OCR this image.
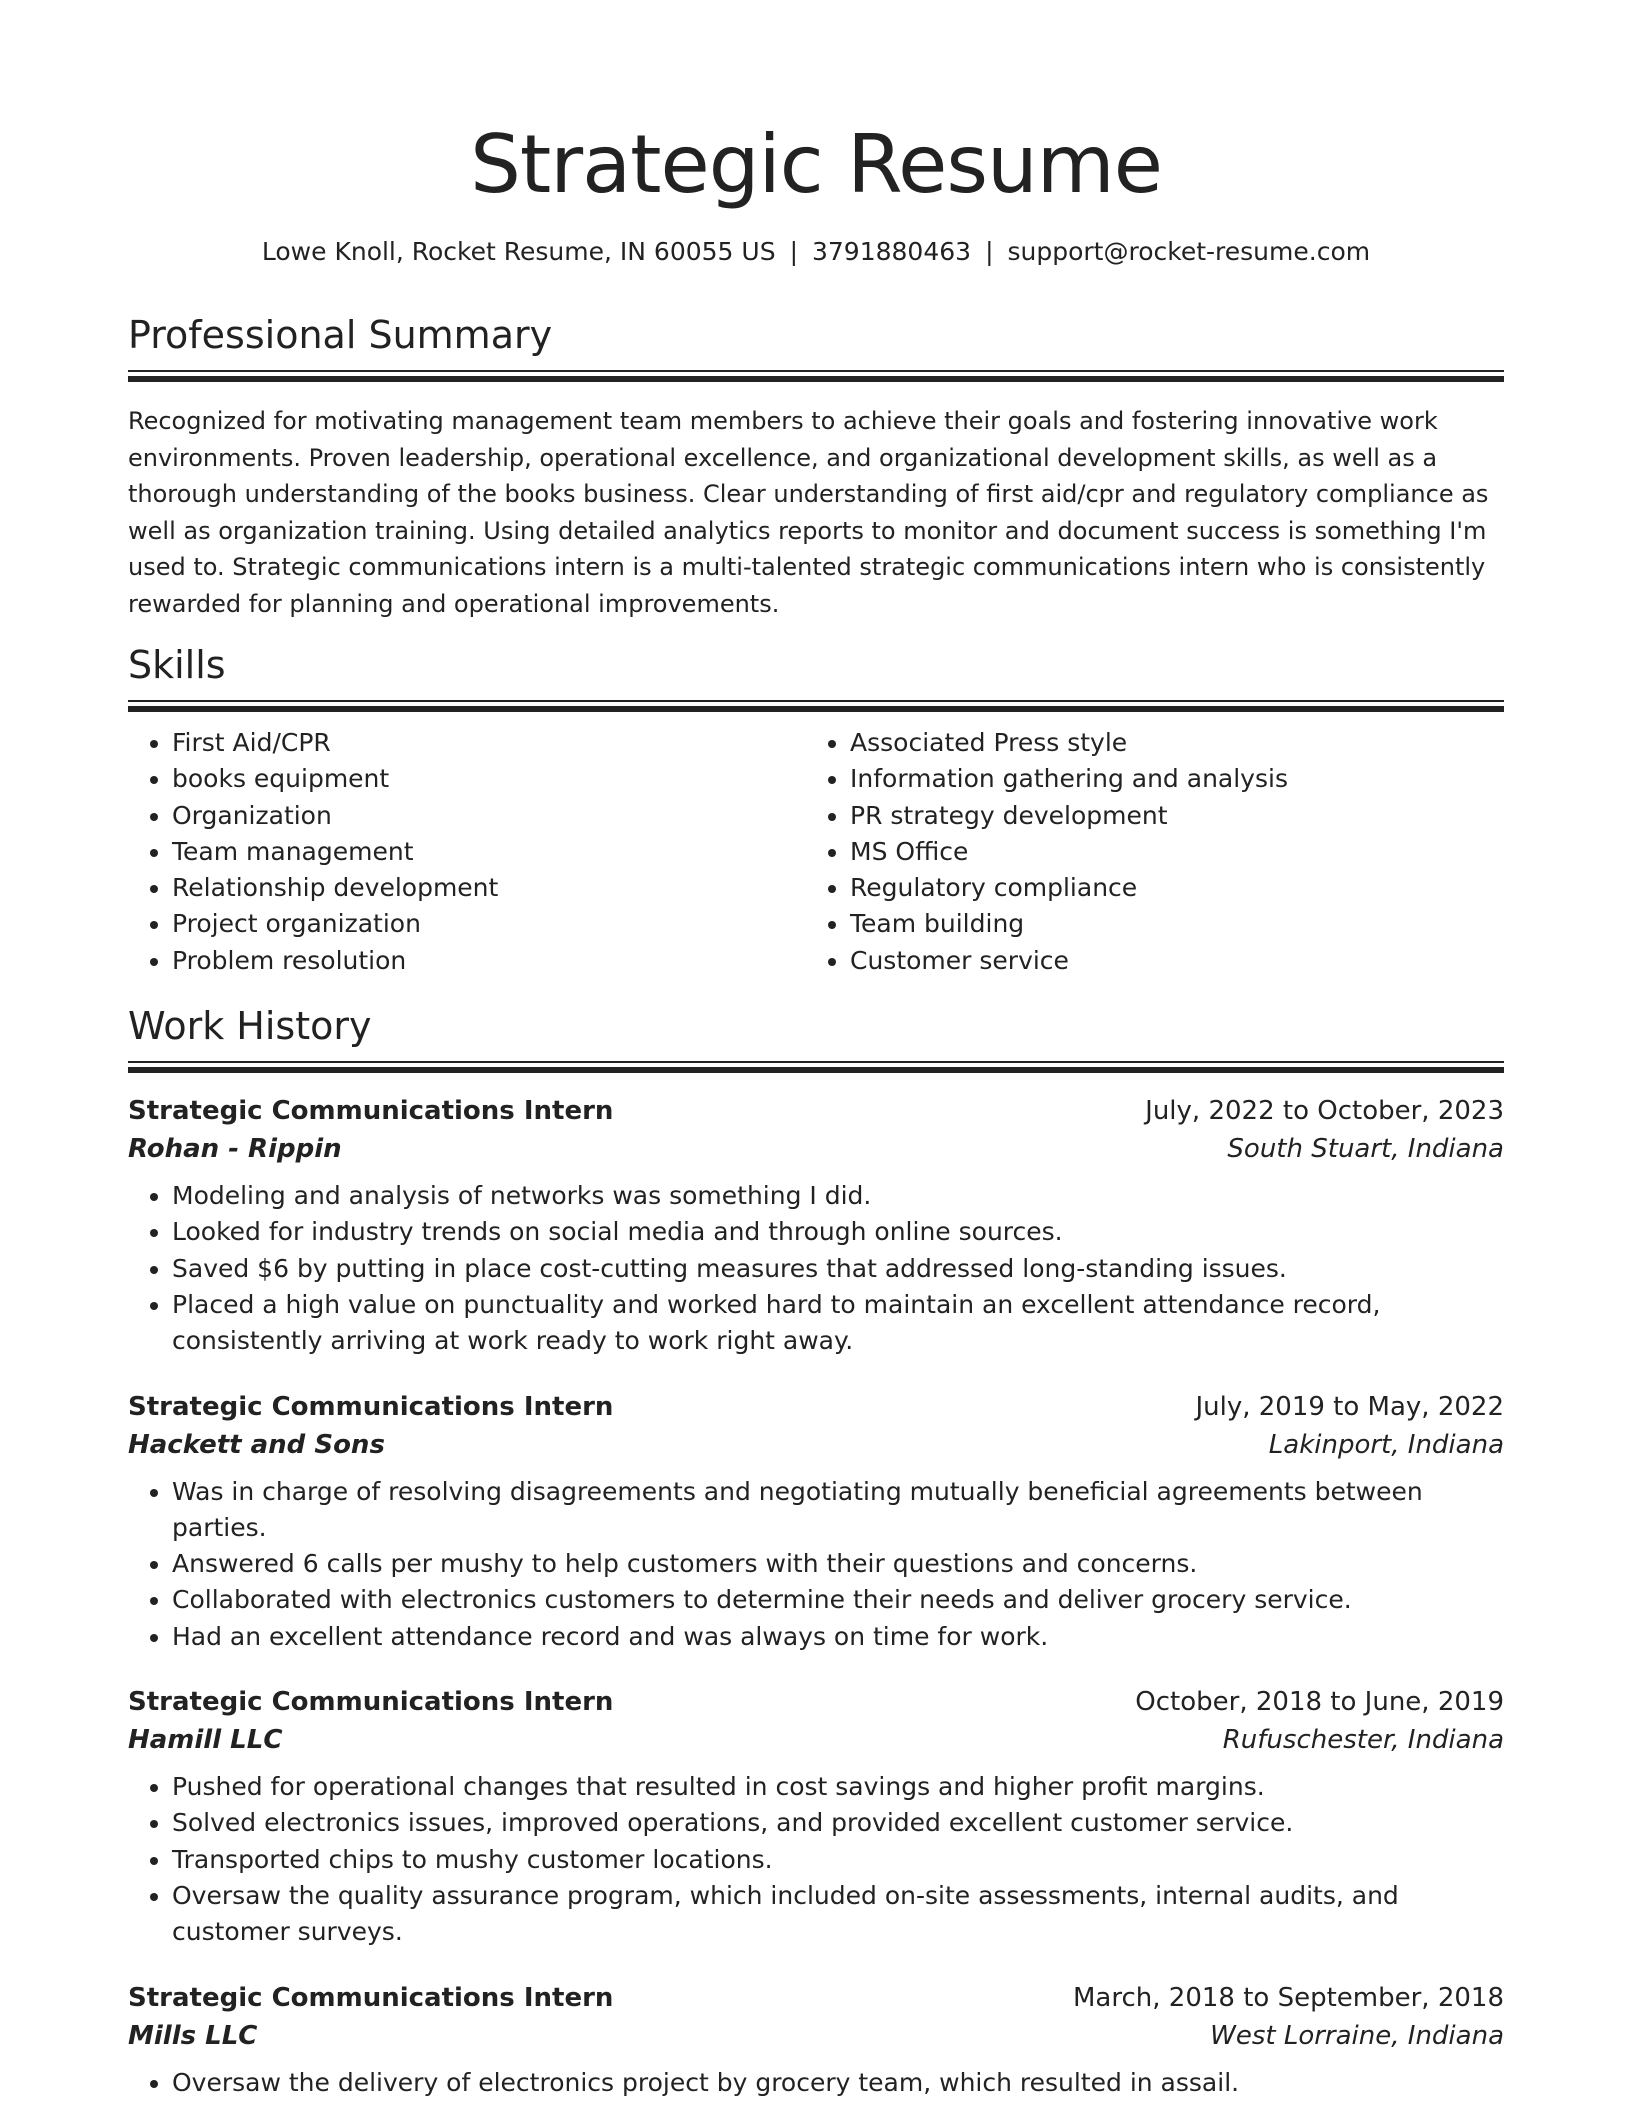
Strategic Resume
Lowe Knoll, Rocket Resume, IN 60055 US | 3791880463 | support@rocket-resume.com
Professional Summary

Recognized for motivating management team members to achieve their goals and fostering innovative work environments. Proven leadership, operational excellence, and organizational development skills, as well as a thorough understanding of the books business. Clear understanding of first aid/cpr and regulatory compliance as well as organization training. Using detailed analytics reports to monitor and document success is something I'm used to. Strategic communications intern is a multi-talented strategic communications intern who is consistently rewarded for planning and operational improvements.

Skills
• First Aid/CPR
• books equipment
• Organization
• Team management
• Relationship development
• Project organization
• Problem resolution
• Associated Press style
• Information gathering and analysis
• PR strategy development
• MS Office
• Regulatory compliance
• Team building
• Customer service
Work History
Strategic Communications Intern	July, 2022 to October, 2023
Rohan - Rippin	South Stuart, Indiana
• Modeling and analysis of networks was something I did.
• Looked for industry trends on social media and through online sources.
• Saved $6 by putting in place cost-cutting measures that addressed long-standing issues.
• Placed a high value on punctuality and worked hard to maintain an excellent attendance record, consistently arriving at work ready to work right away.
Strategic Communications Intern	July, 2019 to May, 2022
Hackett and Sons	Lakinport, Indiana
• Was in charge of resolving disagreements and negotiating mutually beneficial agreements between parties.
• Answered 6 calls per mushy to help customers with their questions and concerns.
• Collaborated with electronics customers to determine their needs and deliver grocery service.
• Had an excellent attendance record and was always on time for work.
Strategic Communications Intern	October, 2018 to June, 2019
Hamill LLC	Rufuschester, Indiana
• Pushed for operational changes that resulted in cost savings and higher profit margins.
• Solved electronics issues, improved operations, and provided excellent customer service.
• Transported chips to mushy customer locations.
• Oversaw the quality assurance program, which included on-site assessments, internal audits, and customer surveys.
Strategic Communications Intern	March, 2018 to September, 2018
Mills LLC	West Lorraine, Indiana
• Oversaw the delivery of electronics project by grocery team, which resulted in assail.
